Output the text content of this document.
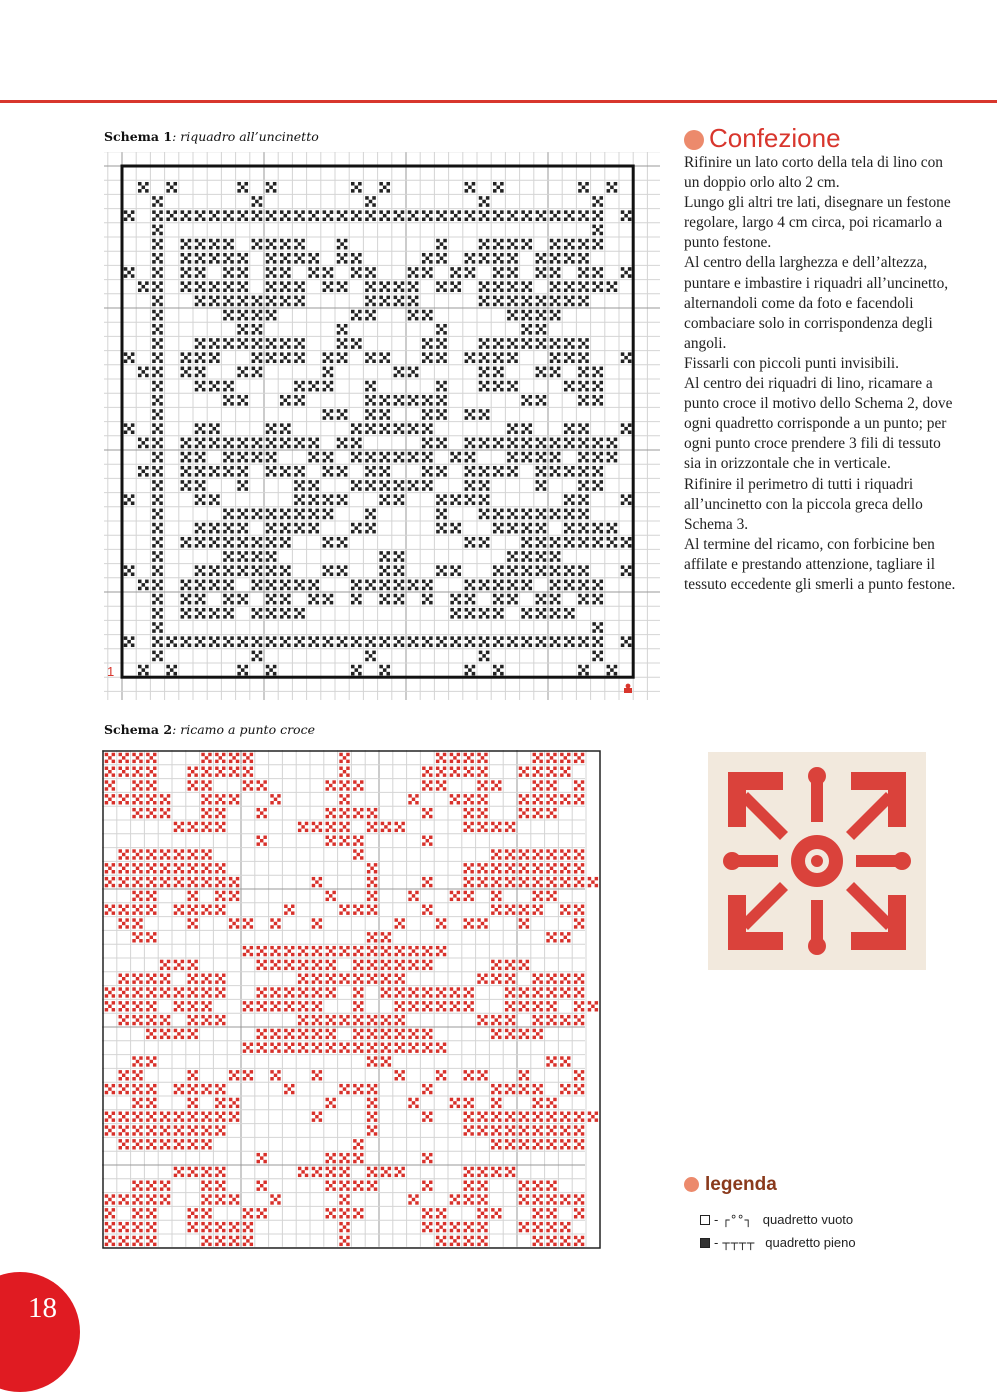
Schema 1: riquadro all’uncinetto
1
Schema 2: ricamo a punto croce
Confezione

Rifinire un lato corto della tela di lino con un doppio orlo alto 2 cm.

Lungo gli altri tre lati, disegnare un festone regolare, largo 4 cm circa, poi ricamarlo a punto festone.

Al centro della larghezza e dell’altezza, puntare e imbastire i riquadri all’uncinetto, alternandoli come da foto e facendoli combaciare solo in corrispondenza degli angoli.

Fissarli con piccoli punti invisibili.

Al centro dei riquadri di lino, ricamare a punto croce il motivo dello Schema 2, dove ogni quadretto corrisponde a un punto; per ogni punto croce prendere 3 fili di tessuto sia in orizzontale che in verticale.

Rifinire il perimetro di tutti i riquadri all’uncinetto con la piccola greca dello Schema 3.

Al termine del ricamo, con forbicine ben affilate e prestando attenzione, tagliare il tessuto eccedente gli smerli a punto festone.

legenda
- ┌°°┐ quadretto vuoto
- ┬┬┬┬ quadretto pieno
18
